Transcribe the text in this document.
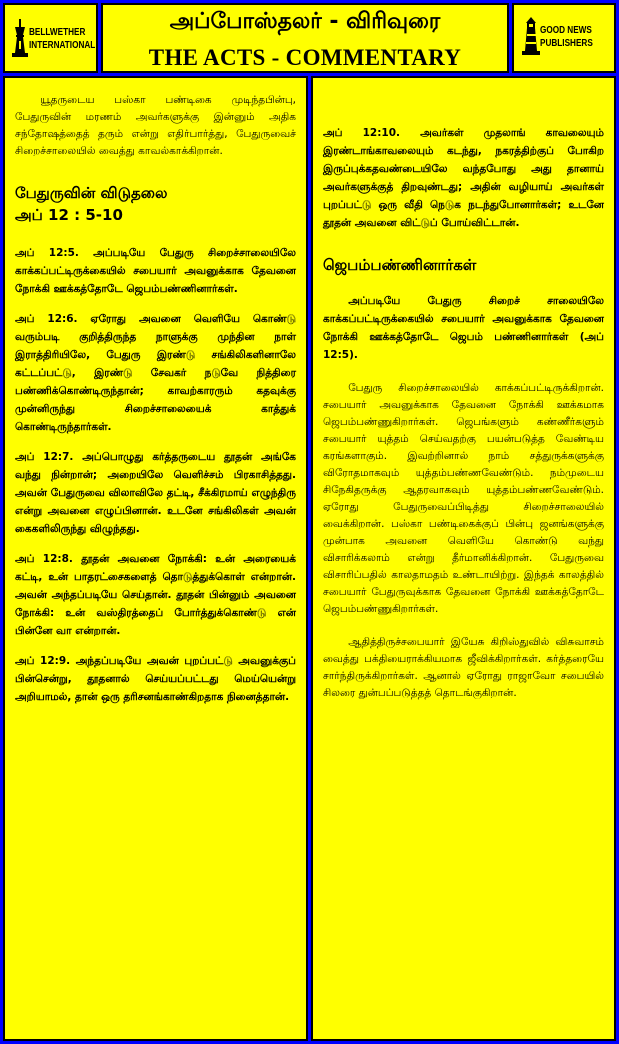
BELLWETHER
INTERNATIONAL
அப்போஸ்தலர் - விரிவுரை
THE ACTS - COMMENTARY
GOOD NEWS
PUBLISHERS

யூதருடைய பஸ்கா பண்டிகை முடிந்தபின்பு, பேதுருவின் மரணம் அவர்களுக்கு இன்னும் அதிக சந்தோஷத்தைத் தரும் என்று எதிர்பார்த்து, பேதுருவைச் சிறைச்சாலையில் வைத்து காவல்காக்கிறான்.

பேதுருவின் விடுதலை
அப் 12 : 5-10

அப் 12:5. அப்படியே பேதுரு சிறைச்சாலையிலே காக்கப்பட்டிருக்கையில் சபையார் அவனுக்காக தேவனை நோக்கி ஊக்கத்தோடே ஜெபம்பண்ணினார்கள்.

அப் 12:6. ஏரோது அவனை வெளியே கொண்டு வரும்படி குறித்திருந்த நாளுக்கு முந்தின நாள் இராத்திரியிலே, பேதுரு இரண்டு சங்கிலிகளினாலே கட்டப்பட்டு, இரண்டு சேவகர் நடுவே நித்திரை பண்ணிக்கொண்டிருந்தான்; காவற்காரரும் கதவுக்கு முன்னிருந்து சிறைச்சாலையைக் காத்துக் கொண்டிருந்தார்கள்.

அப் 12:7. அப்பொழுது கர்த்தருடைய தூதன் அங்கே வந்து நின்றான்; அறையிலே வெளிச்சம் பிரகாசித்தது. அவன் பேதுருவை விலாவிலே தட்டி, சீக்கிரமாய் எழுந்திரு என்று அவனை எழுப்பினான். உடனே சங்கிலிகள் அவன் கைகளிலிருந்து விழுந்தது.

அப் 12:8. தூதன் அவனை நோக்கி: உன் அரையைக் கட்டி, உன் பாதரட்சைகளைத் தொடுத்துக்கொள் என்றான். அவன் அந்தப்படியே செய்தான். தூதன் பின்னும் அவனை நோக்கி: உன் வஸ்திரத்தைப் போர்த்துக்கொண்டு என் பின்னே வா என்றான்.

அப் 12:9. அந்தப்படியே அவன் புறப்பட்டு அவனுக்குப் பின்சென்று, தூதனால் செய்யப்பட்டது மெய்யென்று அறியாமல், தான் ஒரு தரிசனங்காண்கிறதாக நினைத்தான்.

அப் 12:10. அவர்கள் முதலாங் காவலையும் இரண்டாங்காவலையும் கடந்து, நகரத்திற்குப் போகிற இருப்புக்கதவண்டையிலே வந்தபோது அது தானாய் அவர்களுக்குத் திறவுண்டது; அதின் வழியாய் அவர்கள் புறப்பட்டு ஒரு வீதி நெடுக நடந்துபோனார்கள்; உடனே தூதன் அவனை விட்டுப் போய்விட்டான்.

ஜெபம்பண்ணினார்கள்

அப்படியே பேதுரு சிறைச் சாலையிலே காக்கப்பட்டிருக்கையில் சபையார் அவனுக்காக தேவனை நோக்கி ஊக்கத்தோடே ஜெபம் பண்ணினார்கள் (அப் 12:5).

பேதுரு சிறைச்சாலையில் காக்கப்பட்டிருக்கிறான். சபையார் அவனுக்காக தேவனை நோக்கி ஊக்கமாக ஜெபம்பண்ணுகிறார்கள். ஜெபங்களும் கண்ணீர்களும் சபையார் யுத்தம் செய்வதற்கு பயன்படுத்த வேண்டிய கரங்களாகும். இவற்றினால் நாம் சத்துருக்களுக்கு விரோதமாகவும் யுத்தம்பண்ணவேண்டும். நம்முடைய சிநேகிதருக்கு ஆதரவாகவும் யுத்தம்பண்ணவேண்டும். ஏரோது பேதுருவைப்பிடித்து சிறைச்சாலையில் வைக்கிறான். பஸ்கா பண்டிகைக்குப் பின்பு ஜனங்களுக்கு முன்பாக அவனை வெளியே கொண்டு வந்து விசாரிக்கலாம் என்று தீர்மானிக்கிறான். பேதுருவை விசாரிப்பதில் காலதாமதம் உண்டாயிற்று. இந்தக் காலத்தில் சபையார் பேதுருவுக்காக தேவனை நோக்கி ஊக்கத்தோடே ஜெபம்பண்ணுகிறார்கள்.

ஆதித்திருச்சபையார் இயேசு கிறிஸ்துவில் விசுவாசம் வைத்து பக்தியைராக்கியமாக ஜீவிக்கிறார்கள். கர்த்தரையே சார்ந்திருக்கிறார்கள். ஆனால் ஏரோது ராஜாவோ சபையில் சிலரை துன்பப்படுத்தத் தொடங்குகிறான்.
